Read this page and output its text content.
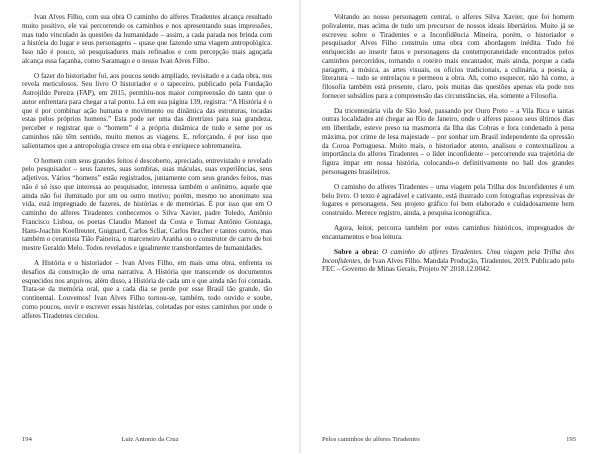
Ivan Alves Filho, com sua obra O caminho do alferes Tiradentes alcança resultado muito positivo, ele vai percorrendo os caminhos e nos apresentando suas impressões, mas tudo vinculado às questões da humanidade – assim, a cada parada nos brinda com a história do lugar e seus personagens – quase que fazendo uma viagem antropológica. Isso não é pouco, só pesquisadores mais refinados e com percepção mais aguçada alcança essa façanha, como Saramago e o nosso Ivan Alves Filho.

O fazer do historiador foi, aos poucos sendo ampliado, revisitado e a cada obra, nos revela meticulosos. Seu livro O historiador e o tapeceiro, publicado pela Fundação Astrojildo Pereira (FAP), em 2015, permitiu-nos maior compreensão do tanto que o autor enfrentara para chegar a tal ponto. Lá em sua página 139, registra: “A História é o que é por combinar ação humana e movimento ou dinâmica das estruturas, tocadas estas pelos próprios homens.” Esta pode ser uma das diretrizes para sua grandeza, perceber e registrar que o “homem” é a própria dinâmica de tudo e seme por os caminhos não têm sentido, muito menos as viagens. E, reforçando, é por isso que salientamos que a antropologia cresce em sua obra e enriquece sobremaneira.

O homem com seus grandes feitos é descoberto, apreciado, entrevistado e revelado pelo pesquisador – seus fazeres, suas sombras, suas máculas, suas experiências, seus adjetivos. Vários “homens” estão registrados, juntamente com seus grandes feitos, mas não é só isso que interessa ao pesquisador, interessa também o anônimo, aquele que ainda não foi iluminado por um ou outro motivo; porém, mesmo no anonimato sua vida, está impregnado de fazeres, de histórias e de memórias. É por isso que em O caminho do alferes Tiradentes conhecemos o Silva Xavier, padre Toledo, Antônio Francisco Lisboa, os poetas Claudio Manoel da Costa e Tomaz Antônio Gonzaga, Hans-Joachin Koellreuter, Guignard, Carlos Scliar, Carlos Bracher e tantos outros, mas também o ceramista Tião Paineira, o marceneiro Aranha ou o construtor de carro de boi mestre Geraldo Melo. Todos revelados e igualmente transbordantes de humanidades.

A História e o historiador – Ivan Alves Filho, em mais uma obra, enfrenta os desafios da construção de uma narrativa. A História que transcende os documentos esquecidos nos arquivos, além disso, a História de cada um e que ainda não foi contada. Trata-se da memória oral, que a cada dia se perde por esse Brasil tão grande, tão continental. Louvemos! Ivan Alves Filho tornou-se, também, todo ouvido e soube, como poucos, ouvir e escrever essas histórias, coletadas por estes caminhos por onde o alferes Tiradentes circulou.

194	Luiz Antonio da Cruz

Voltando ao nosso personagem central, o alferes Silva Xavier, que foi homem polivalente, mas acima de tudo um precursor de nossos ideais libertários. Muito já se escreveu sobre o Tiradentes e a Inconfidência Mineira, porém, o historiador e pesquisador Alves Filho construiu uma obra com abordagem inédita. Tudo foi enriquecido ao inserir fatos e personagens da contemporaneidade encontrados pelos caminhos percorridos, tornando o roteiro mais encantador, mais ainda, porque a cada paragem, a música, as artes visuais, os ofícios tradicionais, a culinária, a poesia, a literatura – tudo se entrelaçou e permeou a obra. Ah, como esquecer, não há como, a filosofia também está presente, claro, pois muitas das questões apenas ela pode nos fornecer subsídios para a compreensão das circunstâncias, ela, somente a Filosofia.

Da tricentenária vila de São José, passando por Ouro Preto – a Vila Rica e tantas outras localidades até chegar ao Rio de Janeiro, onde o alferes passou seus últimos dias em liberdade, esteve preso na masmorra da Ilha das Cobras e fora condenado à pena máxima, por crime de lesa majestade – por sonhar um Brasil independente da opressão da Coroa Portuguesa. Muito mais, o historiador atento, analisou e contextualizou a importância do alferes Tiradentes – o líder inconfidente – percorrendo sua trajetória de figura ímpar em nossa história, colocando-o definitivamente no hall dos grandes personagens brasileiros.

O caminho do alferes Tiradentes – uma viagem pela Trilha dos Inconfidentes é um belo livro. O texto é agradável e cativante, está ilustrado com fotografias expressivas de lugares e personagens. Seu projeto gráfico foi bem elaborado e cuidadosamente bem construído. Merece registro, ainda, a pesquisa iconográfica.

Agora, leitor, percorra também por estes caminhos históricos, impregnados de encantamentos e boa leitura.

Sobre a obra: O caminho do alferes Tiradentes. Uma viagem pela Trilha dos Inconfidentes, de Ivan Alves Filho. Mandala Produção, Tiradentes, 2019. Publicado pelo FEC – Governo de Minas Gerais, Projeto Nº 2018.12.0042.

Pelos caminhos do alferes Tiradentes	195
